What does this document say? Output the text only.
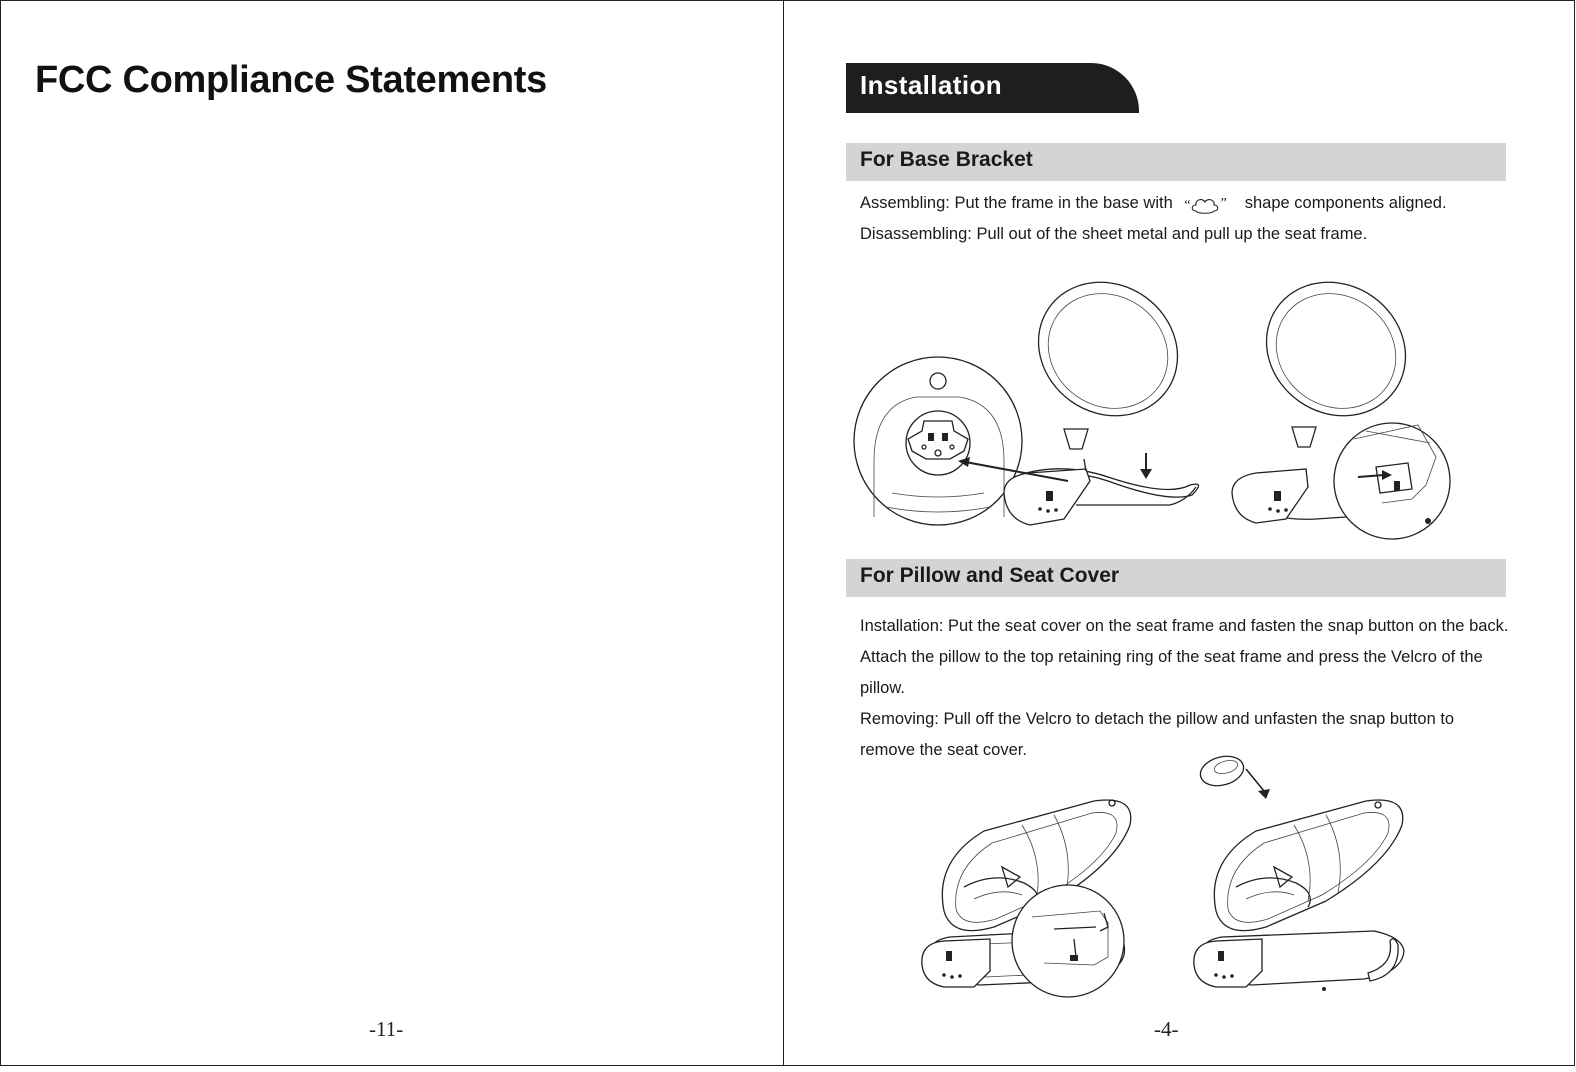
FCC Compliance Statements
-11-
Installation
For Base Bracket

Assembling: Put the frame in the base with “ ” shape components aligned.

Disassembling: Pull out of the sheet metal and pull up the seat frame.

For Pillow and Seat Cover

Installation: Put the seat cover on the seat frame and fasten the snap button on the back. Attach the pillow to the top retaining ring of the seat frame and press the Velcro of the pillow.

Removing: Pull off the Velcro to detach the pillow and unfasten the snap button to remove the seat cover.

-4-
